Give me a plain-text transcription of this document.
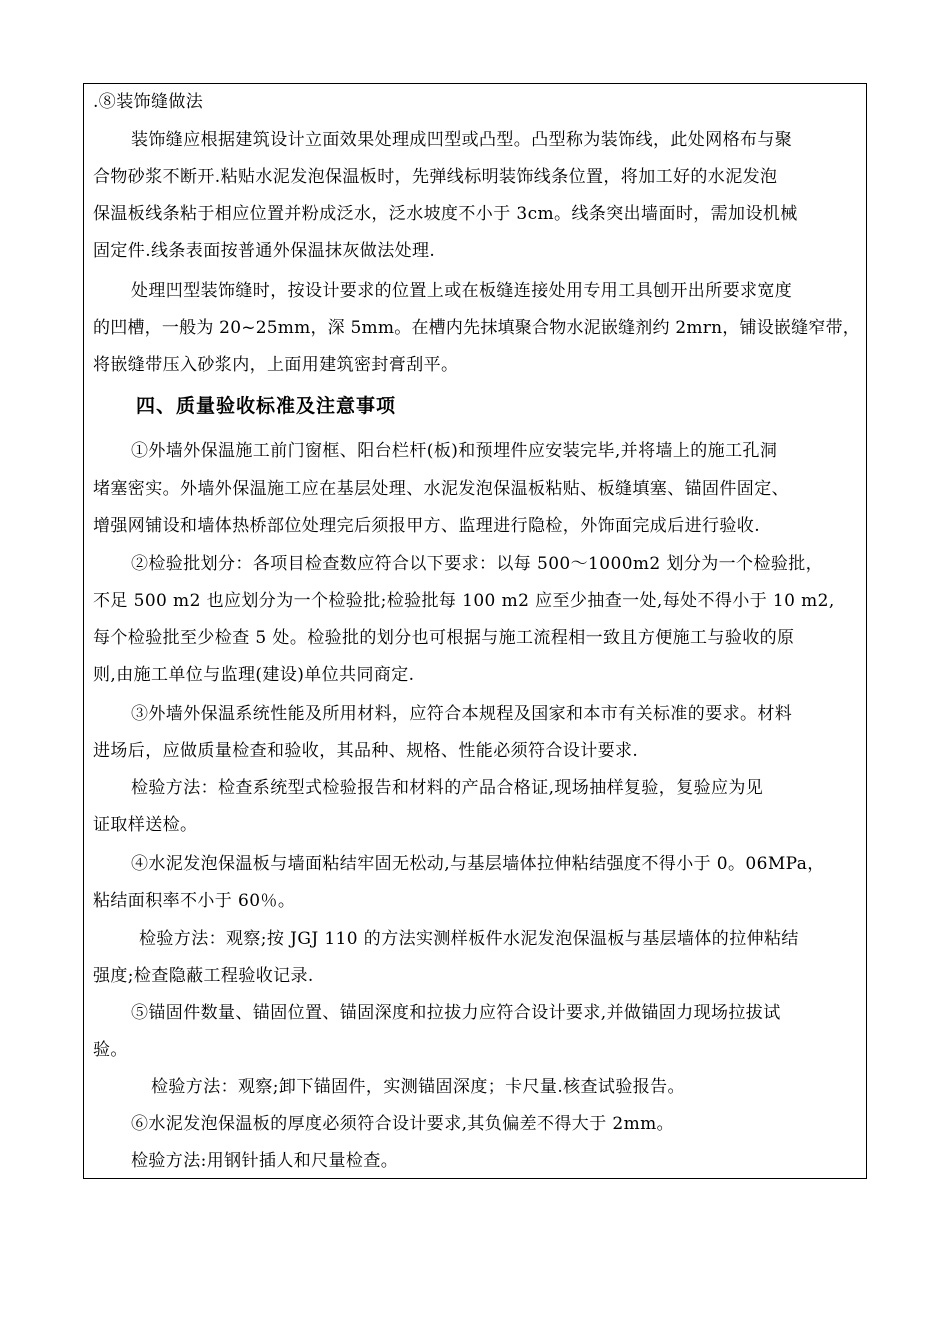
.⑧装饰缝做法
装饰缝应根据建筑设计立面效果处理成凹型或凸型。凸型称为装饰线，此处网格布与聚
合物砂浆不断开.粘贴水泥发泡保温板时，先弹线标明装饰线条位置，将加工好的水泥发泡
保温板线条粘于相应位置并粉成泛水，泛水坡度不小于 3cm。线条突出墙面时，需加设机械
固定件.线条表面按普通外保温抹灰做法处理.
处理凹型装饰缝时，按设计要求的位置上或在板缝连接处用专用工具刨开出所要求宽度
的凹槽，一般为 20~25mm，深 5mm。在槽内先抹填聚合物水泥嵌缝剂约 2mrn，铺设嵌缝窄带，
将嵌缝带压入砂浆内，上面用建筑密封膏刮平。
四、质量验收标准及注意事项
①外墙外保温施工前门窗框、阳台栏杆(板)和预埋件应安装完毕,并将墙上的施工孔洞
堵塞密实。外墙外保温施工应在基层处理、水泥发泡保温板粘贴、板缝填塞、锚固件固定、
增强网铺设和墙体热桥部位处理完后须报甲方、监理进行隐检，外饰面完成后进行验收.
②检验批划分：各项目检查数应符合以下要求：以每 500～1000m2 划分为一个检验批，
不足 500 m2 也应划分为一个检验批;检验批每 100 m2 应至少抽查一处,每处不得小于 10 m2,
每个检验批至少检查 5 处。检验批的划分也可根据与施工流程相一致且方便施工与验收的原
则,由施工单位与监理(建设)单位共同商定.
③外墙外保温系统性能及所用材料，应符合本规程及国家和本市有关标准的要求。材料
进场后，应做质量检查和验收，其品种、规格、性能必须符合设计要求.
检验方法：检查系统型式检验报告和材料的产品合格证,现场抽样复验，复验应为见
证取样送检。
④水泥发泡保温板与墙面粘结牢固无松动,与基层墙体拉伸粘结强度不得小于 0。06MPa，
粘结面积率不小于 60％。
检验方法：观察;按 JGJ 110 的方法实测样板件水泥发泡保温板与基层墙体的拉伸粘结
强度;检查隐蔽工程验收记录.
⑤锚固件数量、锚固位置、锚固深度和拉拔力应符合设计要求,并做锚固力现场拉拔试
验。
检验方法：观察;卸下锚固件，实测锚固深度；卡尺量.核查试验报告。
⑥水泥发泡保温板的厚度必须符合设计要求,其负偏差不得大于 2mm。
检验方法:用钢针插人和尺量检查。
